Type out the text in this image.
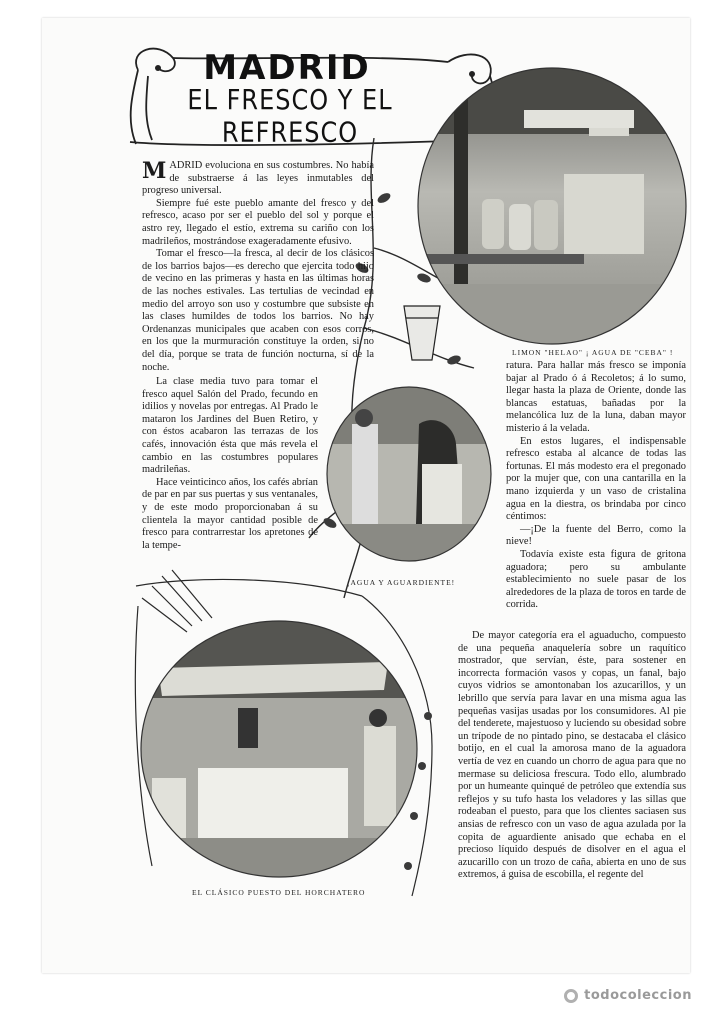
MADRID
EL FRESCO Y EL REFRESCO
LIMON "HELAO" ¡ AGUA DE "CEBA" !
¡AGUA Y AGUARDIENTE!
EL CLÁSICO PUESTO DEL HORCHATERO

MADRID evoluciona en sus costumbres. No había de substraerse á las leyes inmutables del progreso universal.

Siempre fué este pueblo amante del fresco y del refresco, acaso por ser el pueblo del sol y porque el astro rey, llegado el estío, extrema su cariño con los madrileños, mostrándose exageradamente efusivo.

Tomar el fresco—la fresca, al decir de los clásicos de los barrios bajos—es derecho que ejercita todo hijo de vecino en las primeras y hasta en las últimas horas de las noches estivales. Las tertulias de vecindad en medio del arroyo son uso y costumbre que subsiste en las clases humildes de todos los barrios. No hay Ordenanzas municipales que acaben con esos corros, en los que la murmuración constituye la orden, si no del día, porque se trata de función nocturna, sí de la noche.

La clase media tuvo para tomar el fresco aquel Salón del Prado, fecundo en idilios y novelas por entregas. Al Prado le mataron los Jardines del Buen Retiro, y con éstos acabaron las terrazas de los cafés, innovación ésta que más revela el cambio en las costumbres populares madrileñas.

Hace veinticinco años, los cafés abrían de par en par sus puertas y sus ventanales, y de este modo proporcionaban á su clientela la mayor cantidad posible de fresco para contrarrestar los apretones de la tempe-

ratura. Para hallar más fresco se imponía bajar al Prado ó á Recoletos; á lo sumo, llegar hasta la plaza de Oriente, donde las blancas estatuas, bañadas por la melancólica luz de la luna, daban mayor misterio á la velada.

En estos lugares, el indispensable refresco estaba al alcance de todas las fortunas. El más modesto era el pregonado por la mujer que, con una cantarilla en la mano izquierda y un vaso de cristalina agua en la diestra, os brindaba por cinco céntimos:

—¡De la fuente del Berro, como la nieve!

Todavía existe esta figura de gritona aguadora; pero su ambulante establecimiento no suele pasar de los alrededores de la plaza de toros en tarde de corrida.

De mayor categoría era el aguaducho, compuesto de una pequeña anaquelería sobre un raquítico mostrador, que servían, éste, para sostener en incorrecta formación vasos y copas, un fanal, bajo cuyos vidrios se amontonaban los azucarillos, y un lebrillo que servía para lavar en una misma agua las pequeñas vasijas usadas por los consumidores. Al pie del tenderete, majestuoso y luciendo su obesidad sobre un trípode de no pintado pino, se destacaba el clásico botijo, en el cual la amorosa mano de la aguadora vertía de vez en cuando un chorro de agua para que no mermase su deliciosa frescura. Todo ello, alumbrado por un humeante quinqué de petróleo que extendía sus reflejos y su tufo hasta los veladores y las sillas que rodeaban el puesto, para que los clientes saciasen sus ansias de refresco con un vaso de agua azulada por la copita de aguardiente anisado que echaba en el precioso líquido después de disolver en el agua el azucarillo con un trozo de caña, abierta en uno de sus extremos, á guisa de escobilla, el regente del

todocoleccion
